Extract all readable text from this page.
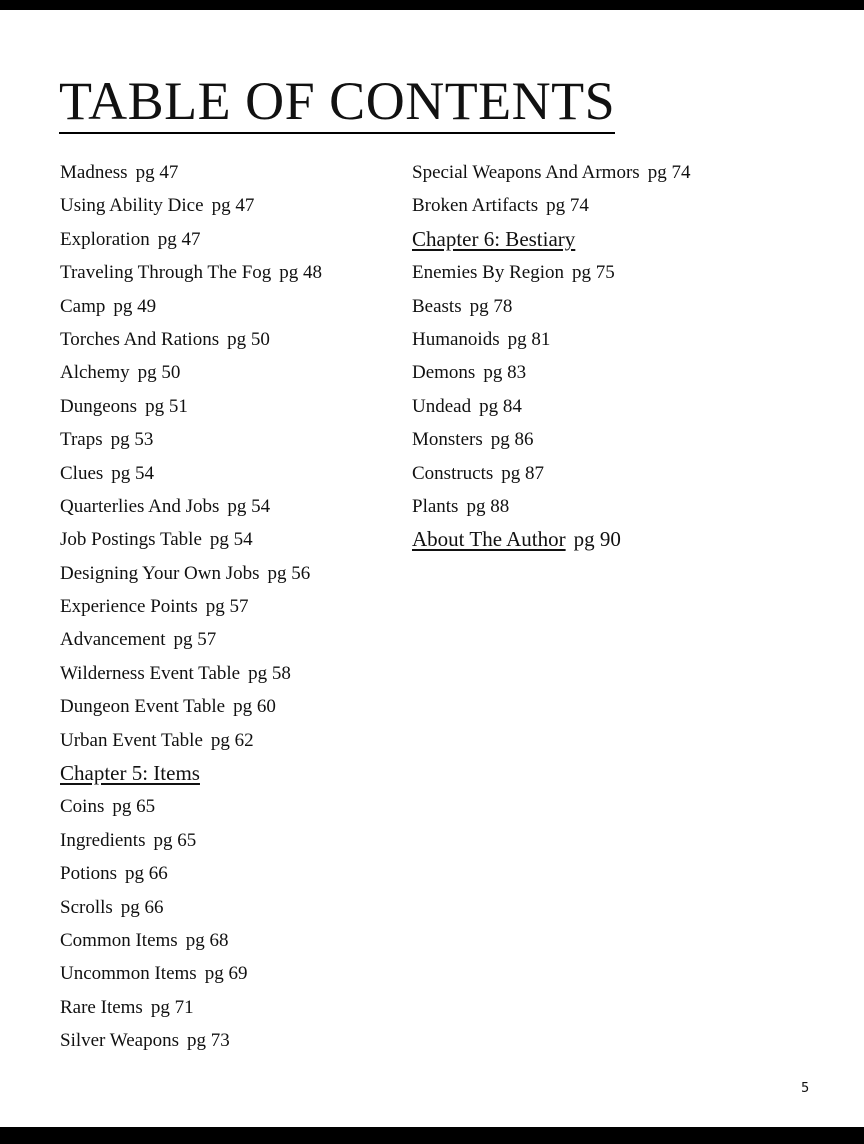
TABLE OF CONTENTS
Madness pg 47
Using Ability Dice pg 47
Exploration pg 47
Traveling Through The Fog pg 48
Camp pg 49
Torches And Rations pg 50
Alchemy pg 50
Dungeons pg 51
Traps pg 53
Clues pg 54
Quarterlies And Jobs pg 54
Job Postings Table pg 54
Designing Your Own Jobs pg 56
Experience Points pg 57
Advancement pg 57
Wilderness Event Table pg 58
Dungeon Event Table pg 60
Urban Event Table pg 62
Chapter 5: Items
Coins pg 65
Ingredients pg 65
Potions pg 66
Scrolls pg 66
Common Items pg 68
Uncommon Items pg 69
Rare Items pg 71
Silver Weapons pg 73
Special Weapons And Armors pg 74
Broken Artifacts pg 74
Chapter 6: Bestiary
Enemies By Region pg 75
Beasts pg 78
Humanoids pg 81
Demons pg 83
Undead pg 84
Monsters pg 86
Constructs pg 87
Plants pg 88
About The Author pg 90
5
